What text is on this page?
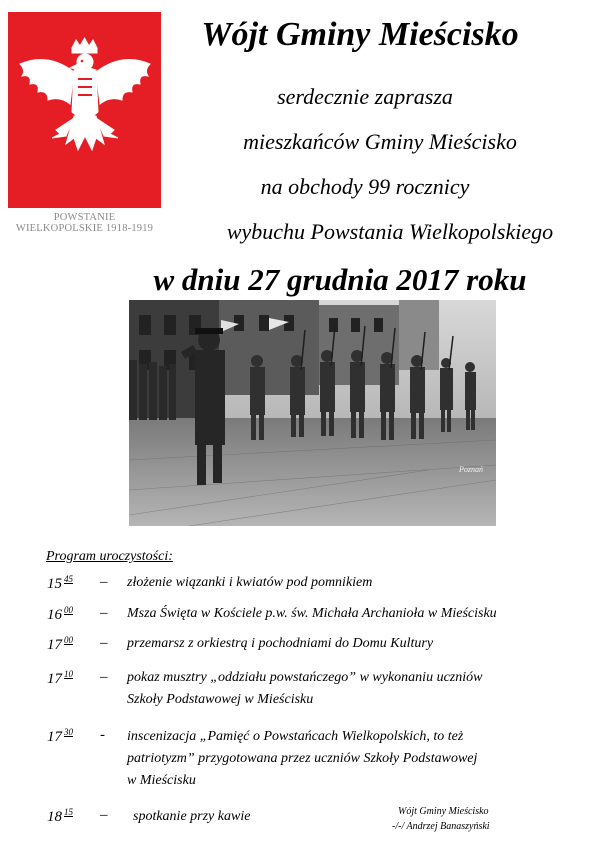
POWSTANIE
WIELKOPOLSKIE 1918-1919
Wójt Gminy Mieścisko
serdecznie zaprasza
mieszkańców Gminy Mieścisko
na obchody 99 rocznicy
wybuchu Powstania Wielkopolskiego
w dniu 27 grudnia 2017 roku
Poznań
Program uroczystości:
15 $^{45}$ – złożenie wiązanki i kwiatów pod pomnikiem
16 $^{00}$ – Msza Święta w Kościele p.w. św. Michała Archanioła w Mieścisku
17 $^{00}$ – przemarsz z orkiestrą i pochodniami do Domu Kultury
17 $^{10}$ – pokaz musztry „oddziału powstańczego” w wykonaniu uczniów
Szkoły Podstawowej w Mieścisku
17 $^{30}$ - inscenizacja „Pamięć o Powstańcach Wielkopolskich, to też
patriotyzm” przygotowana przez uczniów Szkoły Podstawowej
w Mieścisku
18 $^{15}$ – spotkanie przy kawie	Wójt Gminy Mieścisko
-/-/ Andrzej Banaszyński
